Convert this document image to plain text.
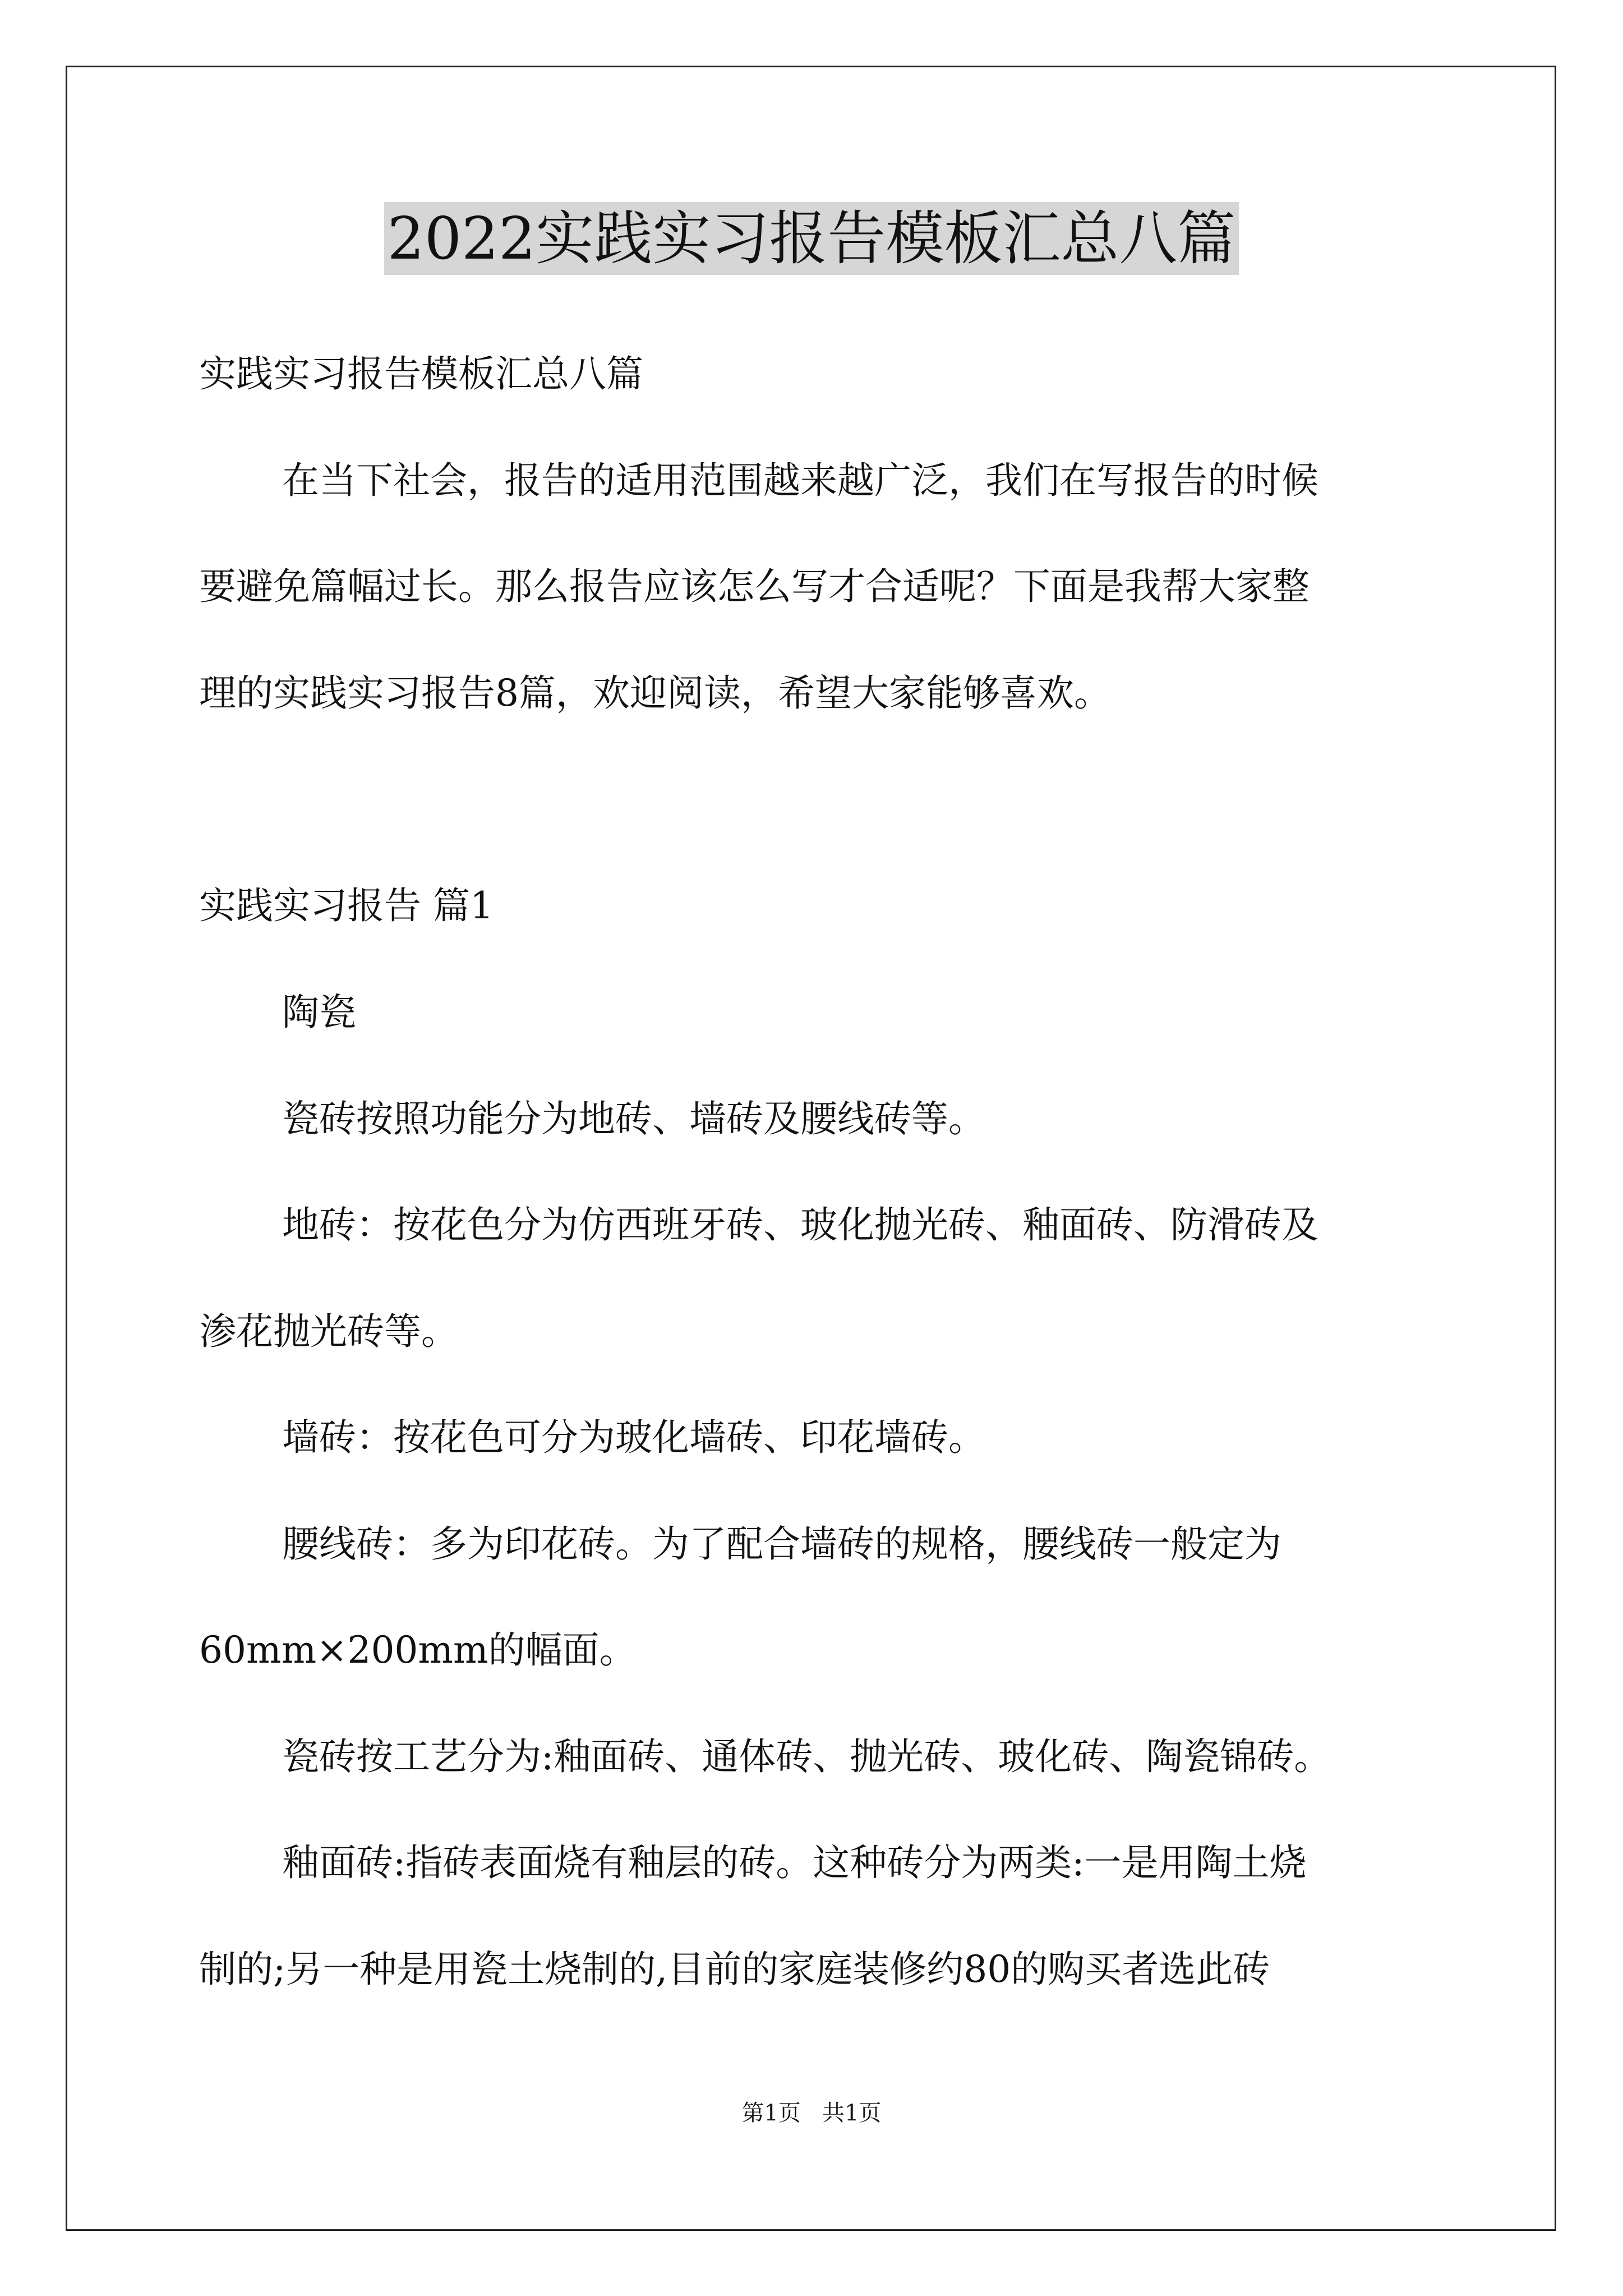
2022实践实习报告模板汇总八篇
实践实习报告模板汇总八篇
在当下社会，报告的适用范围越来越广泛，我们在写报告的时候
要避免篇幅过长。那么报告应该怎么写才合适呢？下面是我帮大家整
理的实践实习报告8篇，欢迎阅读，希望大家能够喜欢。
实践实习报告 篇1
陶瓷
瓷砖按照功能分为地砖、墙砖及腰线砖等。
地砖：按花色分为仿西班牙砖、玻化抛光砖、釉面砖、防滑砖及
渗花抛光砖等。
墙砖：按花色可分为玻化墙砖、印花墙砖。
腰线砖：多为印花砖。为了配合墙砖的规格，腰线砖一般定为
60mm×200mm的幅面。
瓷砖按工艺分为:釉面砖、通体砖、抛光砖、玻化砖、陶瓷锦砖。
釉面砖:指砖表面烧有釉层的砖。这种砖分为两类:一是用陶土烧
制的;另一种是用瓷土烧制的,目前的家庭装修约80的购买者选此砖
第1页   共1页
